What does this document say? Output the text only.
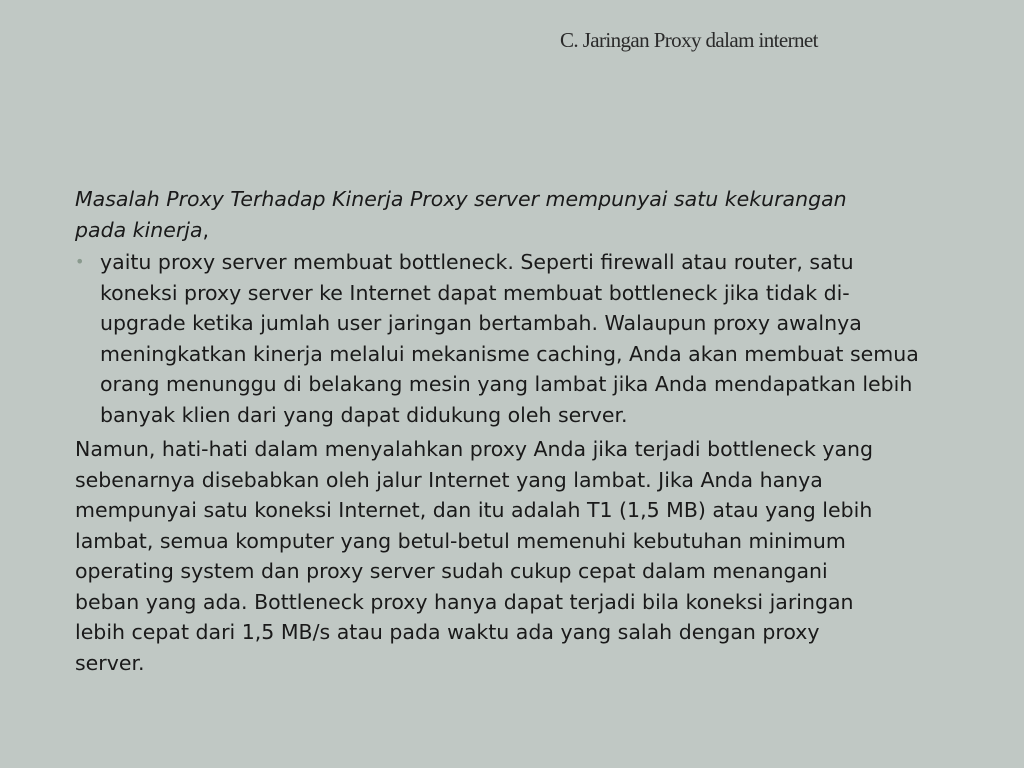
C. Jaringan Proxy dalam internet

Masalah Proxy Terhadap Kinerja Proxy server mempunyai satu kekurangan pada kinerja,

• yaitu proxy server membuat bottleneck. Seperti firewall atau router, satu koneksi proxy server ke Internet dapat membuat bottleneck jika tidak di-upgrade ketika jumlah user jaringan bertambah. Walaupun proxy awalnya meningkatkan kinerja melalui mekanisme caching, Anda akan membuat semua orang menunggu di belakang mesin yang lambat jika Anda mendapatkan lebih banyak klien dari yang dapat didukung oleh server.

Namun, hati-hati dalam menyalahkan proxy Anda jika terjadi bottleneck yang sebenarnya disebabkan oleh jalur Internet yang lambat. Jika Anda hanya mempunyai satu koneksi Internet, dan itu adalah T1 (1,5 MB) atau yang lebih lambat, semua komputer yang betul-betul memenuhi kebutuhan minimum operating system dan proxy server sudah cukup cepat dalam menangani beban yang ada. Bottleneck proxy hanya dapat terjadi bila koneksi jaringan lebih cepat dari 1,5 MB/s atau pada waktu ada yang salah dengan proxy server.
